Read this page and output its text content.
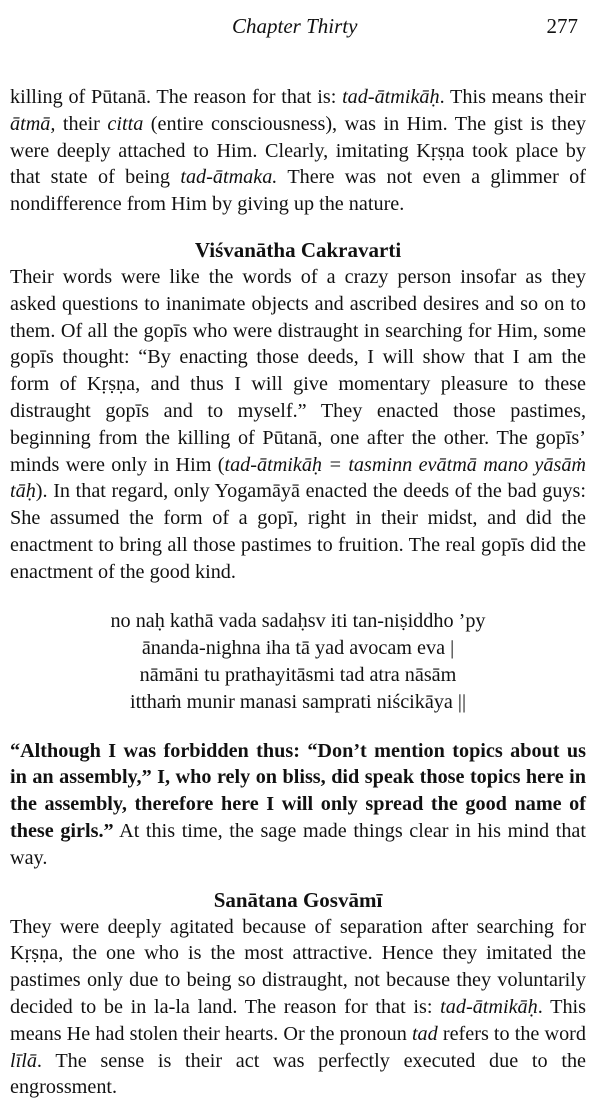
Chapter Thirty	277

killing of Pūtanā. The reason for that is: tad-ātmikāḥ. This means their ātmā, their citta (entire consciousness), was in Him. The gist is they were deeply attached to Him. Clearly, imitating Kṛṣṇa took place by that state of being tad-ātmaka. There was not even a glimmer of nondifference from Him by giving up the nature.

Viśvanātha Cakravarti

Their words were like the words of a crazy person insofar as they asked questions to inanimate objects and ascribed desires and so on to them. Of all the gopīs who were distraught in searching for Him, some gopīs thought: “By enacting those deeds, I will show that I am the form of Kṛṣṇa, and thus I will give momentary pleasure to these distraught gopīs and to myself.” They enacted those pastimes, beginning from the killing of Pūtanā, one after the other. The gopīs’ minds were only in Him (tad-ātmikāḥ = tasminn evātmā mano yāsāṁ tāḥ). In that regard, only Yogamāyā enacted the deeds of the bad guys: She assumed the form of a gopī, right in their midst, and did the enactment to bring all those pastimes to fruition. The real gopīs did the enactment of the good kind.

no naḥ kathā vada sadaḥsv iti tan-niṣiddho ’py
ānanda-nighna iha tā yad avocam eva |
nāmāni tu prathayitāsmi tad atra nāsām
itthaṁ munir manasi samprati niścikāya ||

“Although I was forbidden thus: “Don’t mention topics about us in an assembly,” I, who rely on bliss, did speak those topics here in the assembly, therefore here I will only spread the good name of these girls.” At this time, the sage made things clear in his mind that way.

Sanātana Gosvāmī

They were deeply agitated because of separation after searching for Kṛṣṇa, the one who is the most attractive. Hence they imitated the pastimes only due to being so distraught, not because they voluntarily decided to be in la-la land. The reason for that is: tad-ātmikāḥ. This means He had stolen their hearts. Or the pronoun tad refers to the word līlā. The sense is their act was perfectly executed due to the engrossment.
